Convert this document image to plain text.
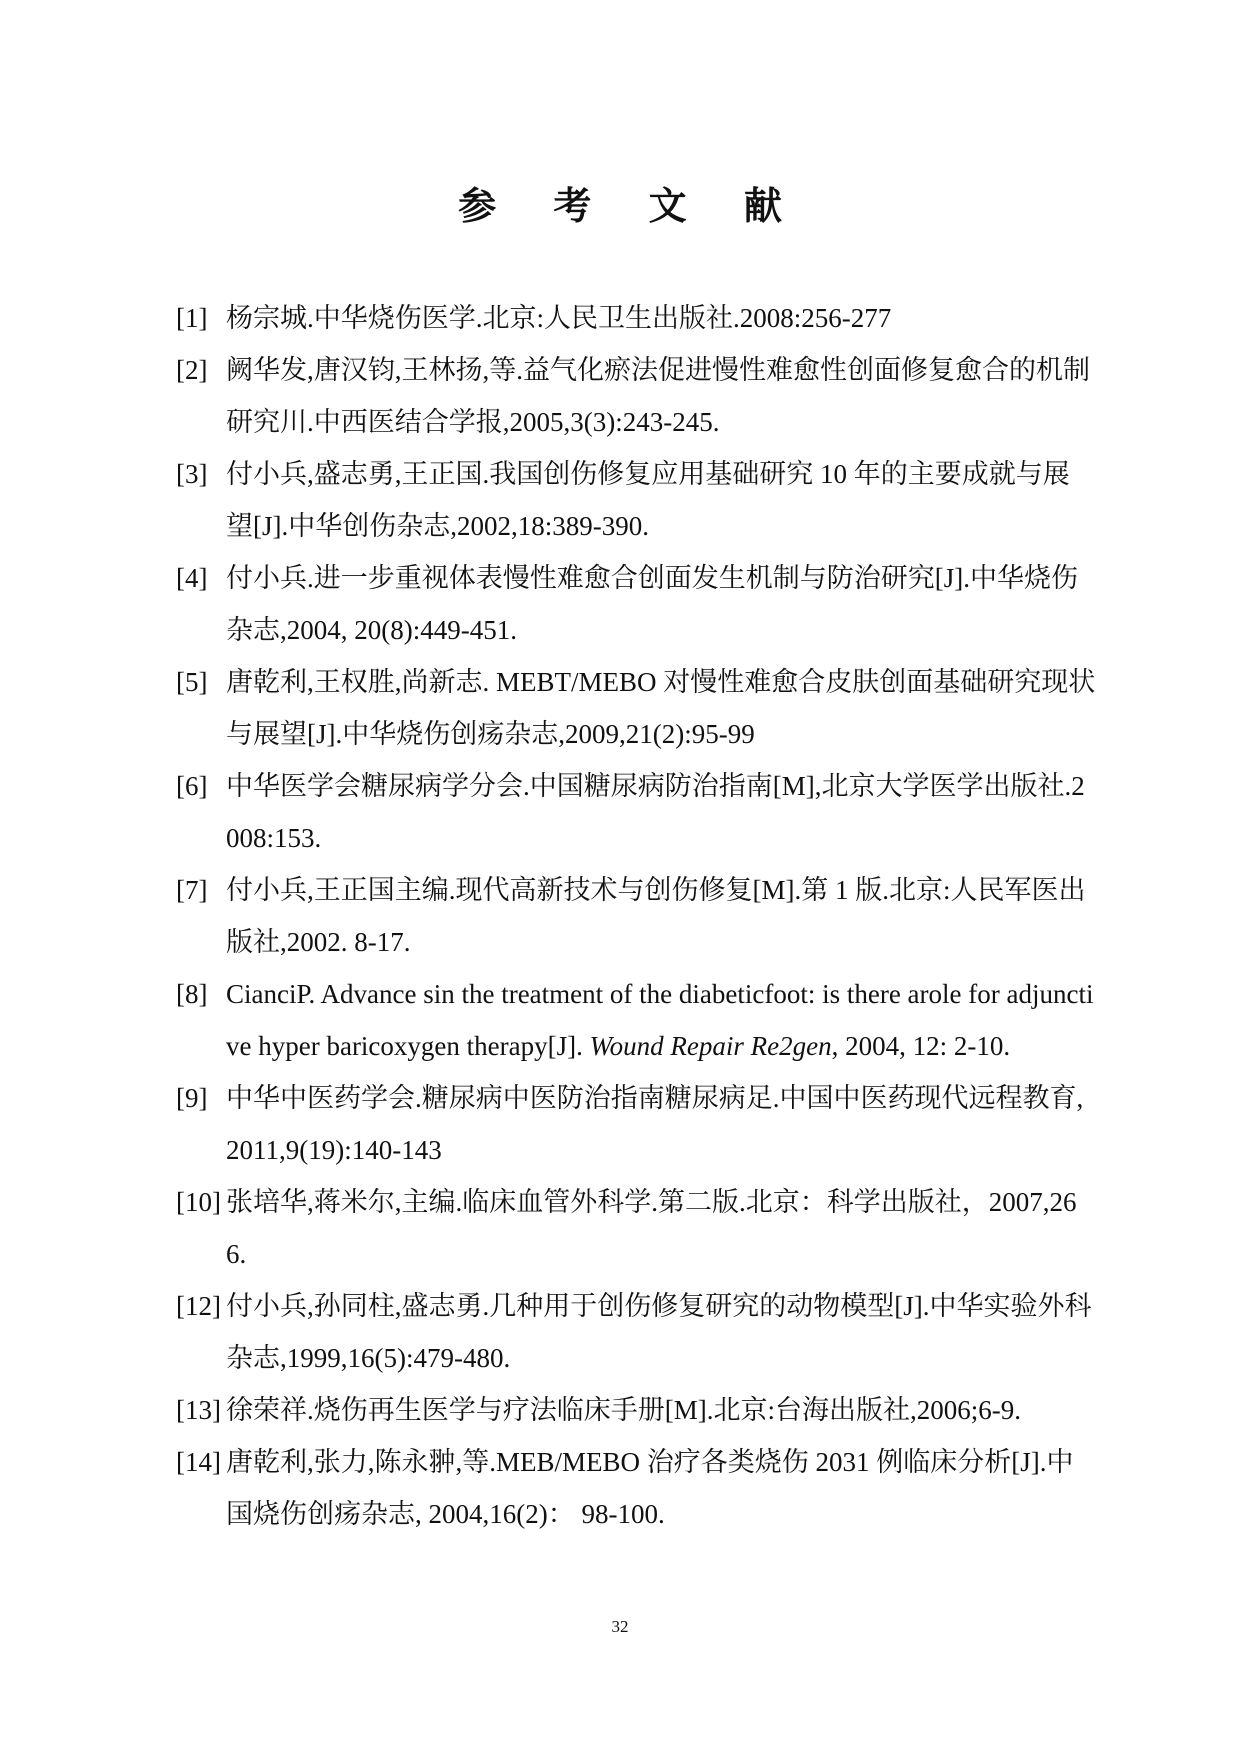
参 考 文 献

[1] 杨宗城.中华烧伤医学.北京:人民卫生出版社.2008:256-277

[2] 阙华发,唐汉钧,王林扬,等.益气化瘀法促进慢性难愈性创面修复愈合的机制研究川.中西医结合学报,2005,3(3):243-245.

[3] 付小兵,盛志勇,王正国.我国创伤修复应用基础研究 10 年的主要成就与展望[J].中华创伤杂志,2002,18:389-390.

[4] 付小兵.进一步重视体表慢性难愈合创面发生机制与防治研究[J].中华烧伤杂志,2004, 20(8):449-451.

[5] 唐乾利,王权胜,尚新志. MEBT/MEBO 对慢性难愈合皮肤创面基础研究现状与展望[J].中华烧伤创疡杂志,2009,21(2):95-99

[6] 中华医学会糖尿病学分会.中国糖尿病防治指南[M],北京大学医学出版社.2008:153.

[7] 付小兵,王正国主编.现代高新技术与创伤修复[M].第 1 版.北京:人民军医出版社,2002. 8-17.

[8] CianciP. Advance sin the treatment of the diabeticfoot: is there arole for adjunctive hyper baricoxygen therapy[J]. Wound Repair Re2gen, 2004, 12: 2-10.

[9] 中华中医药学会.糖尿病中医防治指南糖尿病足.中国中医药现代远程教育,2011,9(19):140-143

[10] 张培华,蒋米尔,主编.临床血管外科学.第二版.北京：科学出版社，2007,266.

[12] 付小兵,孙同柱,盛志勇.几种用于创伤修复研究的动物模型[J].中华实验外科杂志,1999,16(5):479-480.

[13] 徐荣祥.烧伤再生医学与疗法临床手册[M].北京:台海出版社,2006;6-9.

[14] 唐乾利,张力,陈永翀,等.MEB/MEBO 治疗各类烧伤 2031 例临床分析[J].中国烧伤创疡杂志, 2004,16(2)： 98-100.

32
